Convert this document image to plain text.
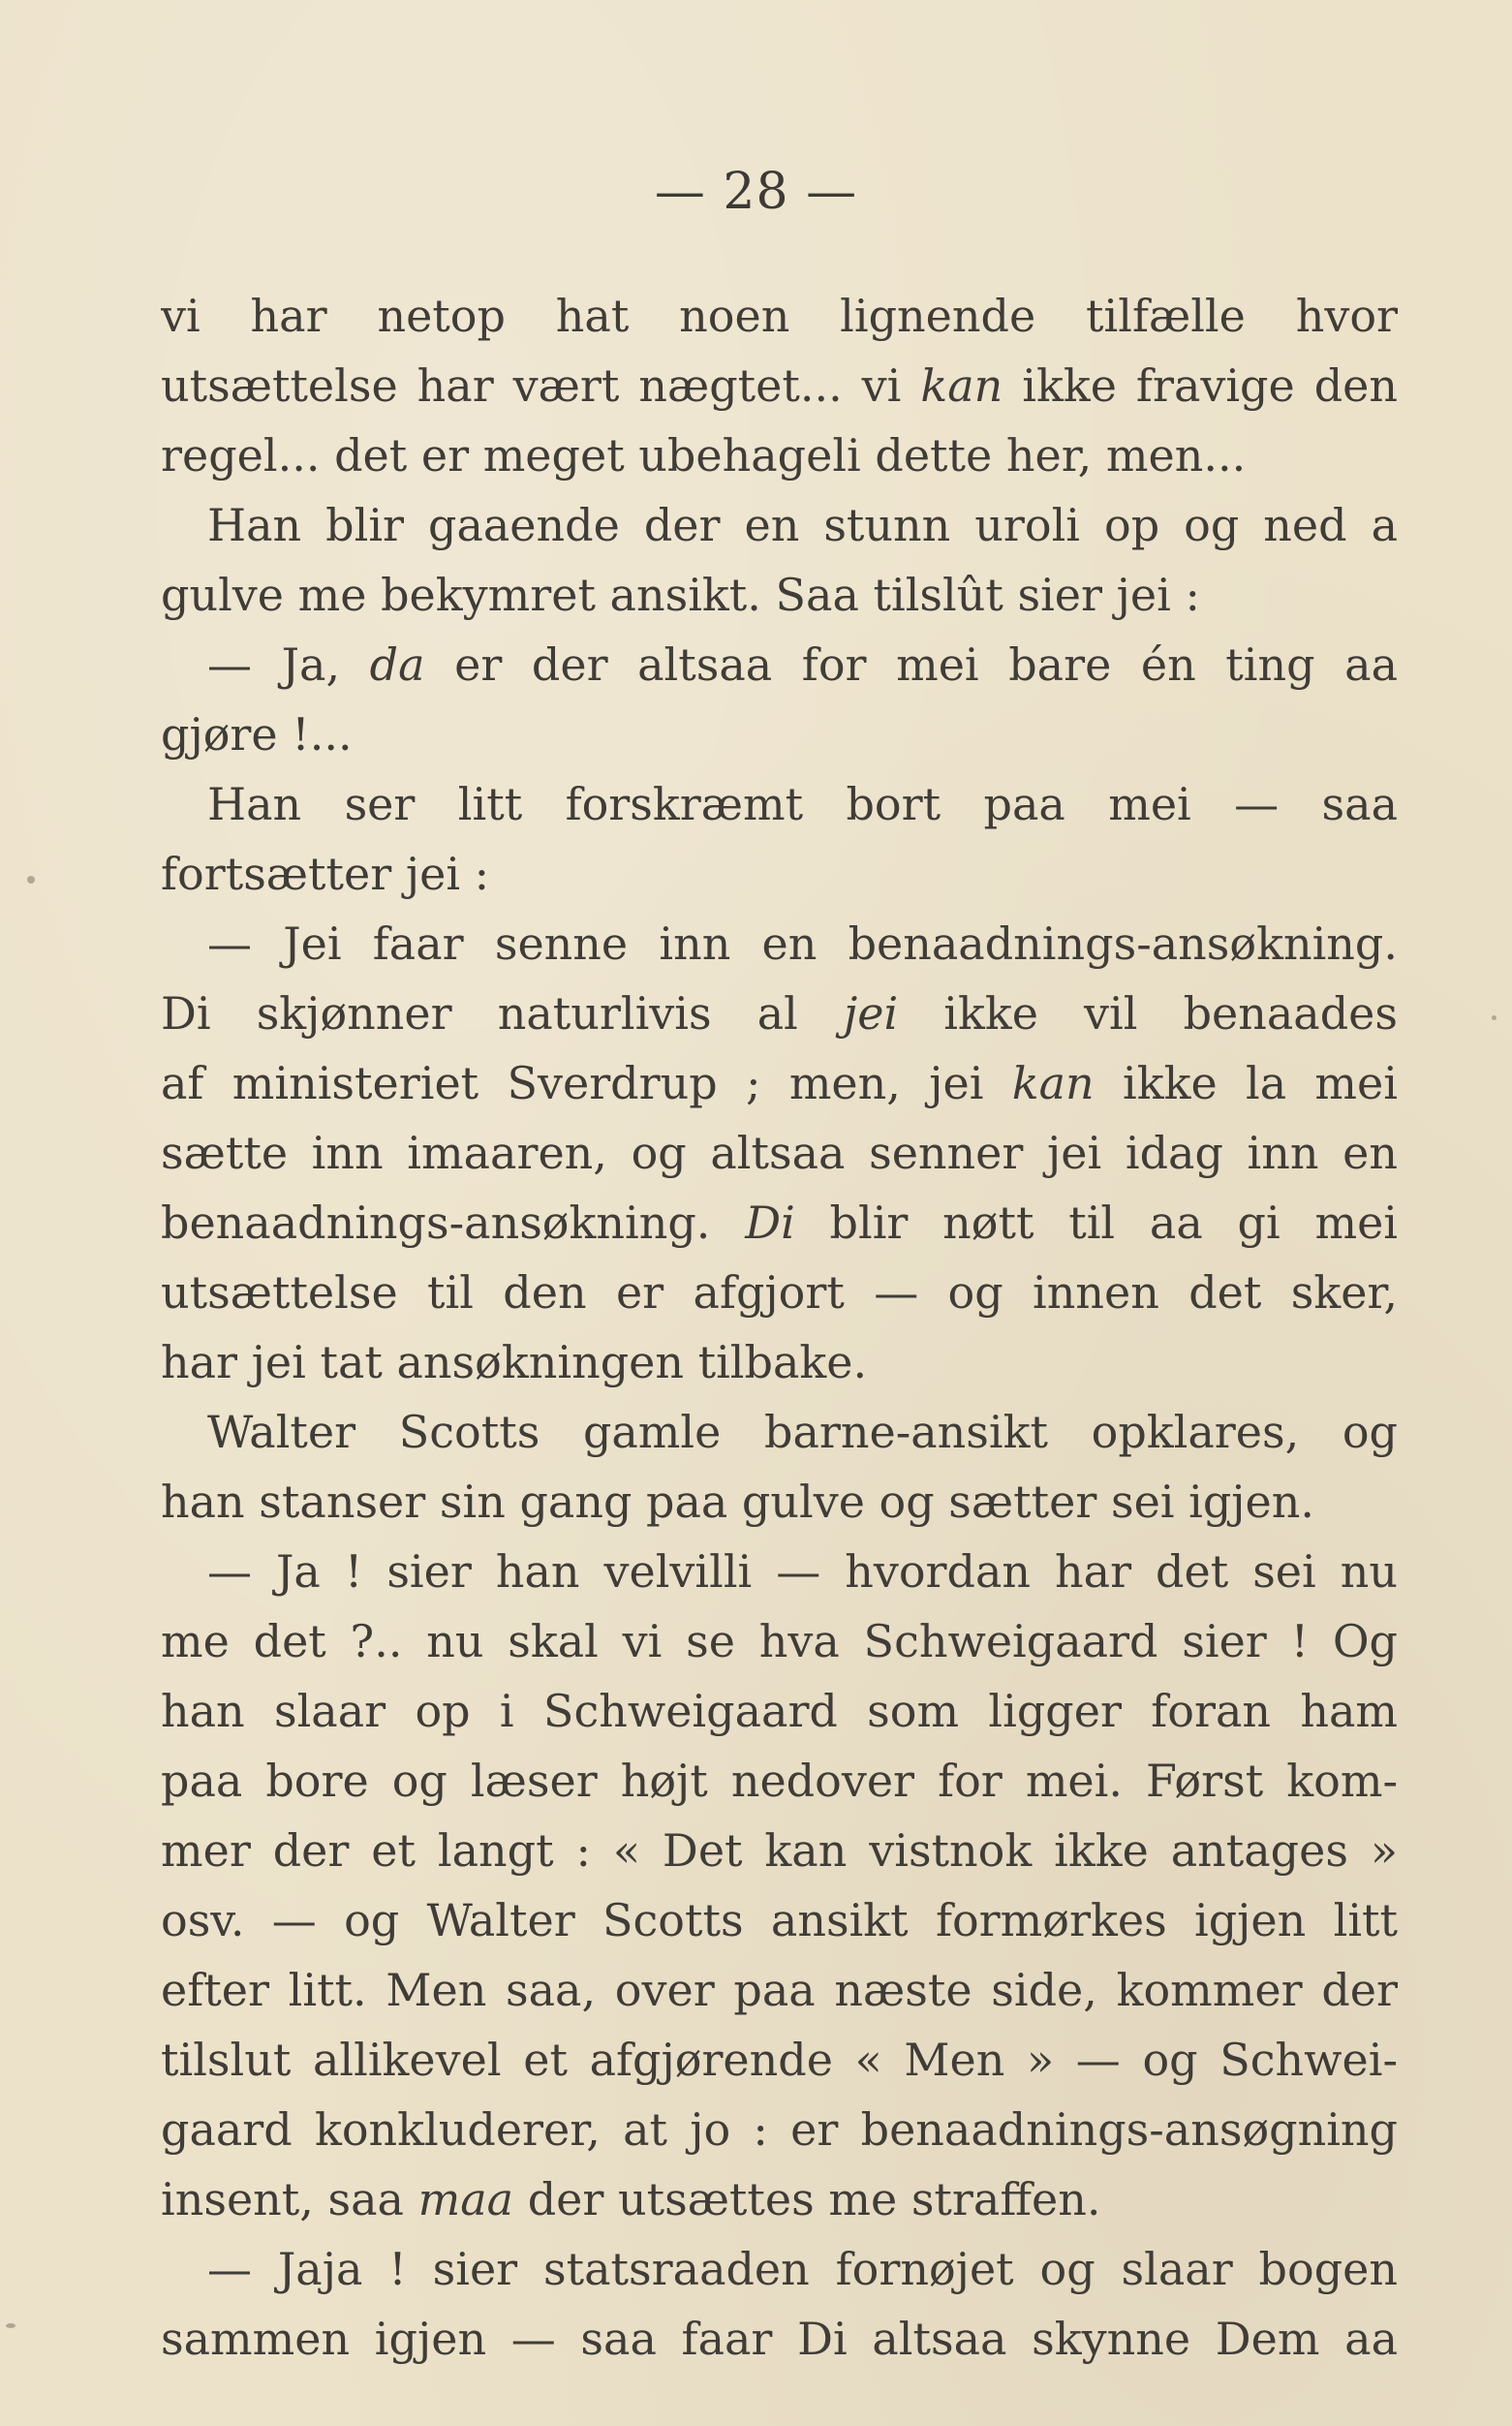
— 28 —
vi har netop hat noen lignende tilfælle hvor
utsættelse har vært nægtet... vi kan ikke fravige den
regel... det er meget ubehageli dette her, men...
Han blir gaaende der en stunn uroli op og ned a
gulve me bekymret ansikt. Saa tilslût sier jei :
— Ja, da er der altsaa for mei bare én ting aa
gjøre !...
Han ser litt forskræmt bort paa mei — saa
fortsætter jei :
— Jei faar senne inn en benaadnings-ansøkning.
Di skjønner naturlivis al jei ikke vil benaades
af ministeriet Sverdrup ; men, jei kan ikke la mei
sætte inn imaaren, og altsaa senner jei idag inn en
benaadnings-ansøkning. Di blir nøtt til aa gi mei
utsættelse til den er afgjort — og innen det sker,
har jei tat ansøkningen tilbake.
Walter Scotts gamle barne-ansikt opklares, og
han stanser sin gang paa gulve og sætter sei igjen.
— Ja ! sier han velvilli — hvordan har det sei nu
me det ?.. nu skal vi se hva Schweigaard sier ! Og
han slaar op i Schweigaard som ligger foran ham
paa bore og læser højt nedover for mei. Først kom-
mer der et langt : « Det kan vistnok ikke antages »
osv. — og Walter Scotts ansikt formørkes igjen litt
efter litt. Men saa, over paa næste side, kommer der
tilslut allikevel et afgjørende « Men » — og Schwei-
gaard konkluderer, at jo : er benaadnings-ansøgning
insent, saa maa der utsættes me straffen.
— Jaja ! sier statsraaden fornøjet og slaar bogen
sammen igjen — saa faar Di altsaa skynne Dem aa
